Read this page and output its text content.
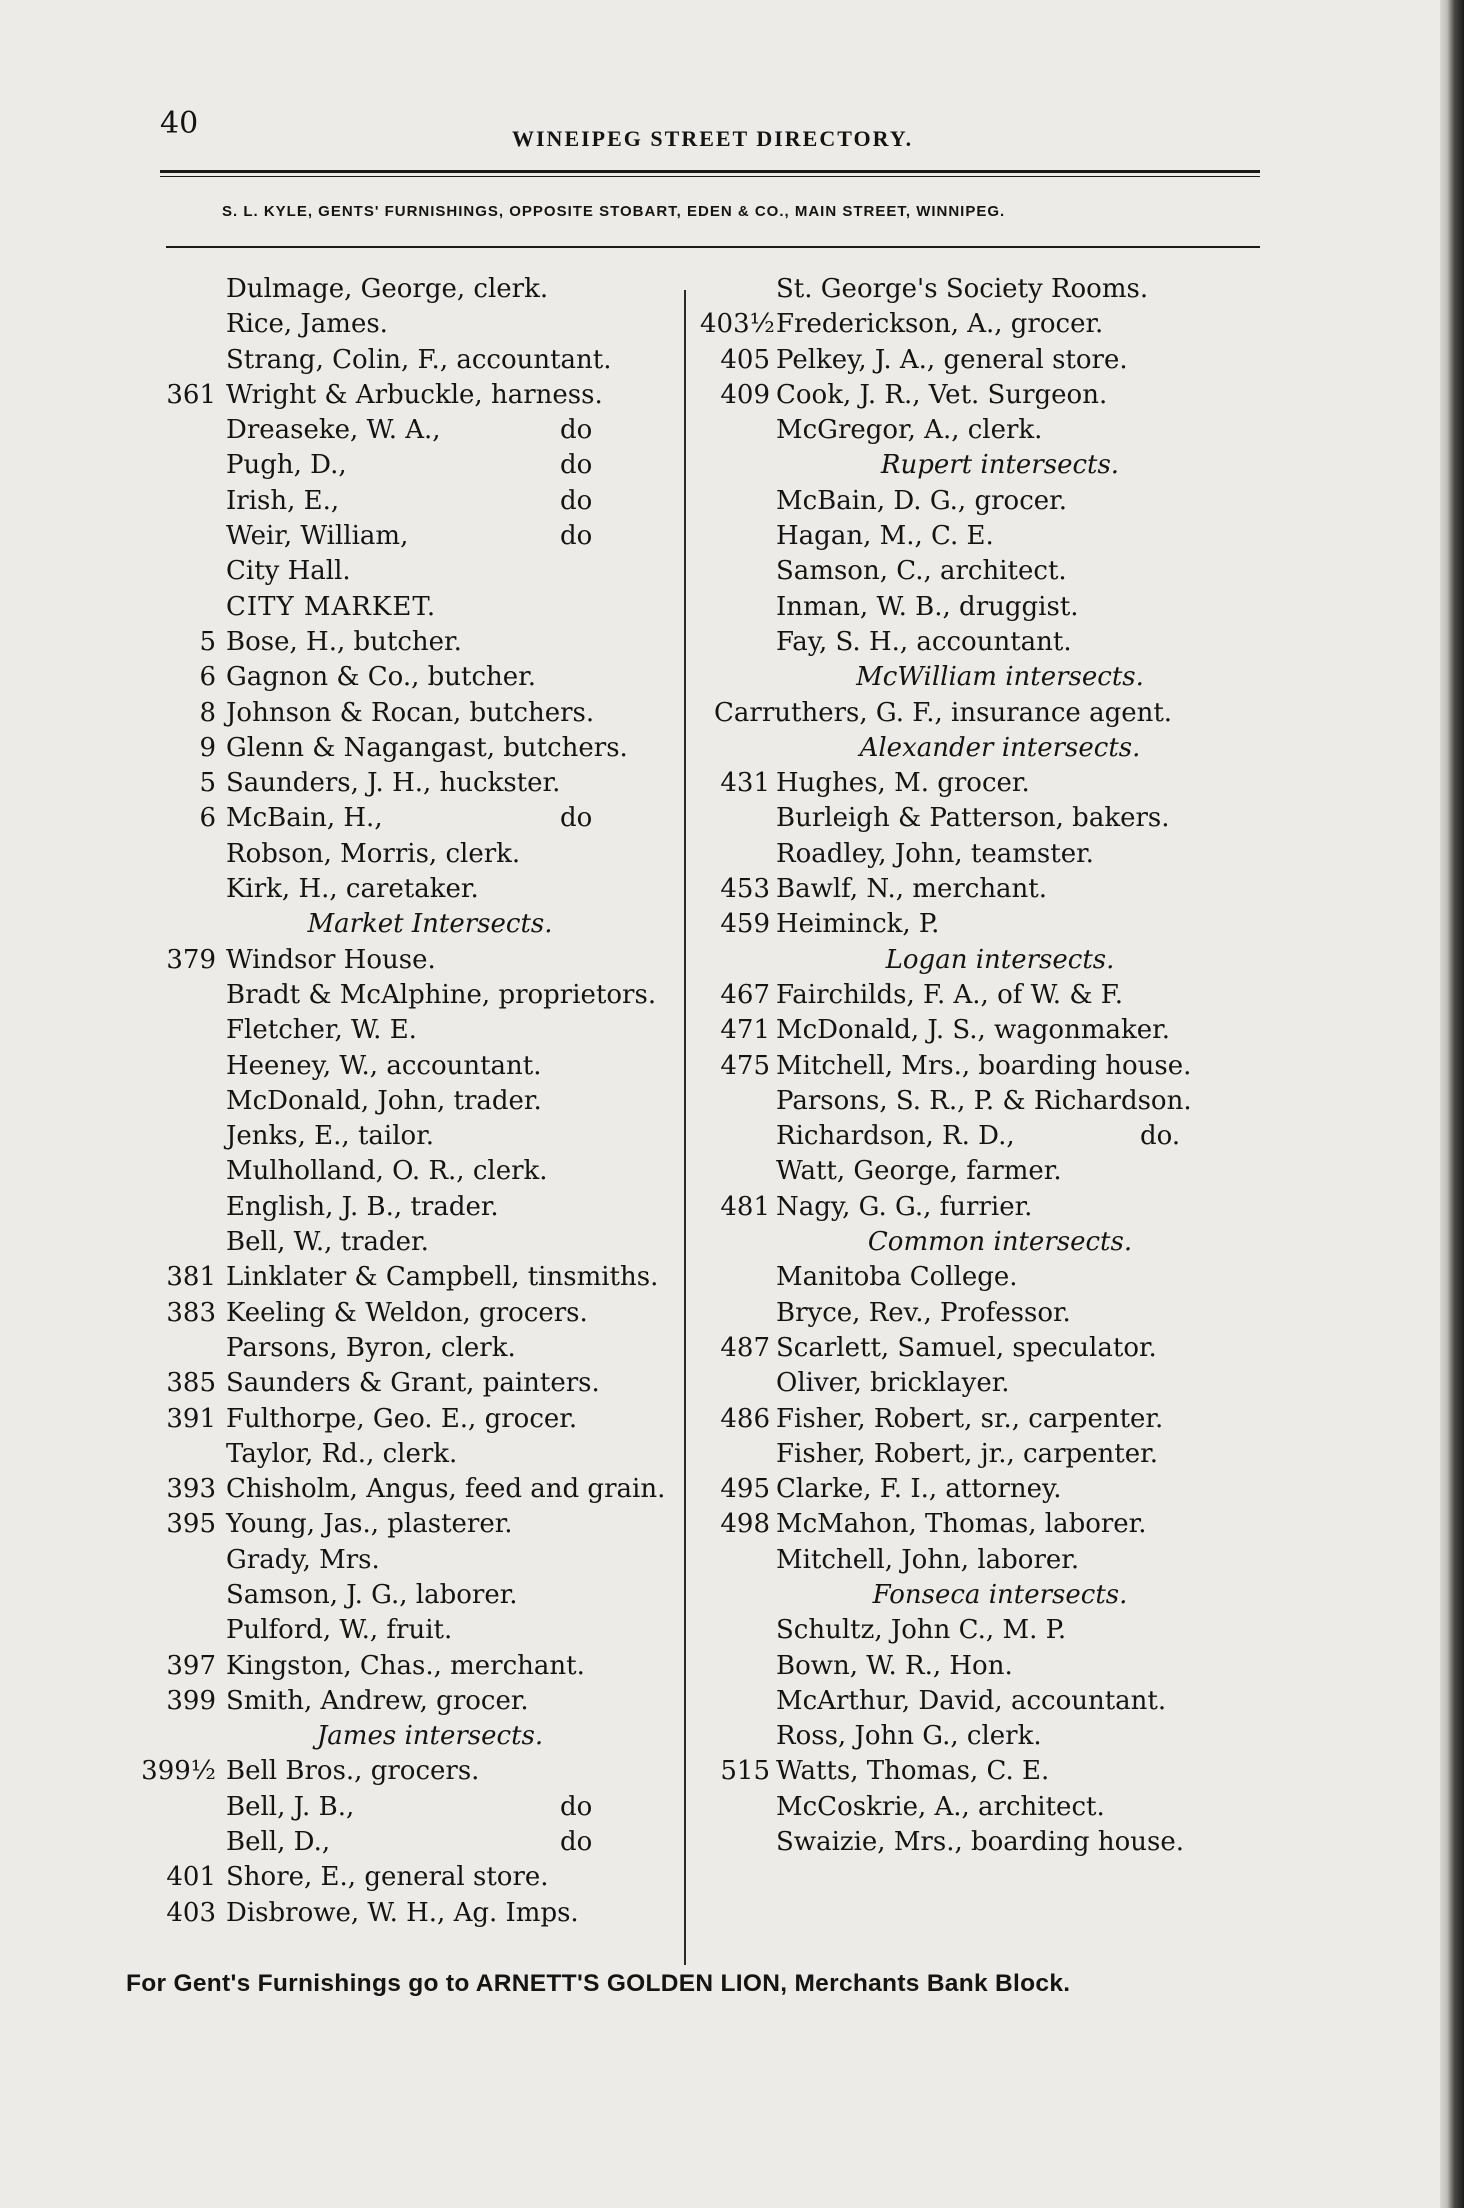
40	WINEIPEG STREET DIRECTORY.
S. L. KYLE, GENTS' FURNISHINGS, OPPOSITE STOBART, EDEN & CO., MAIN STREET, WINNIPEG.
Dulmage, George, clerk.
Rice, James.
Strang, Colin, F., accountant.
361 Wright & Arbuckle, harness.
Dreaseke, W. A.,	do
Pugh, D.,	do
Irish, E.,	do
Weir, William,	do
City Hall.
CITY MARKET.
5 Bose, H., butcher.
6 Gagnon & Co., butcher.
8 Johnson & Rocan, butchers.
9 Glenn & Nagangast, butchers.
5 Saunders, J. H., huckster.
6 McBain, H.,	do
Robson, Morris, clerk.
Kirk, H., caretaker.
Market Intersects.
379 Windsor House.
Bradt & McAlphine, proprietors.
Fletcher, W. E.
Heeney, W., accountant.
McDonald, John, trader.
Jenks, E., tailor.
Mulholland, O. R., clerk.
English, J. B., trader.
Bell, W., trader.
381 Linklater & Campbell, tinsmiths.
383 Keeling & Weldon, grocers.
Parsons, Byron, clerk.
385 Saunders & Grant, painters.
391 Fulthorpe, Geo. E., grocer.
Taylor, Rd., clerk.
393 Chisholm, Angus, feed and grain.
395 Young, Jas., plasterer.
Grady, Mrs.
Samson, J. G., laborer.
Pulford, W., fruit.
397 Kingston, Chas., merchant.
399 Smith, Andrew, grocer.
James intersects.
399½ Bell Bros., grocers.
Bell, J. B.,	do
Bell, D.,	do
401 Shore, E., general store.
403 Disbrowe, W. H., Ag. Imps.
St. George's Society Rooms.
403½ Frederickson, A., grocer.
405 Pelkey, J. A., general store.
409 Cook, J. R., Vet. Surgeon.
McGregor, A., clerk.
Rupert intersects.
McBain, D. G., grocer.
Hagan, M., C. E.
Samson, C., architect.
Inman, W. B., druggist.
Fay, S. H., accountant.
McWilliam intersects.
Carruthers, G. F., insurance agent.
Alexander intersects.
431 Hughes, M. grocer.
Burleigh & Patterson, bakers.
Roadley, John, teamster.
453 Bawlf, N., merchant.
459 Heiminck, P.
Logan intersects.
467 Fairchilds, F. A., of W. & F.
471 McDonald, J. S., wagonmaker.
475 Mitchell, Mrs., boarding house.
Parsons, S. R., P. & Richardson.
Richardson, R. D.,	do.
Watt, George, farmer.
481 Nagy, G. G., furrier.
Common intersects.
Manitoba College.
Bryce, Rev., Professor.
487 Scarlett, Samuel, speculator.
Oliver, bricklayer.
486 Fisher, Robert, sr., carpenter.
Fisher, Robert, jr., carpenter.
495 Clarke, F. I., attorney.
498 McMahon, Thomas, laborer.
Mitchell, John, laborer.
Fonseca intersects.
Schultz, John C., M. P.
Bown, W. R., Hon.
McArthur, David, accountant.
Ross, John G., clerk.
515 Watts, Thomas, C. E.
McCoskrie, A., architect.
Swaizie, Mrs., boarding house.
For Gent's Furnishings go to ARNETT'S GOLDEN LION, Merchants Bank Block.
